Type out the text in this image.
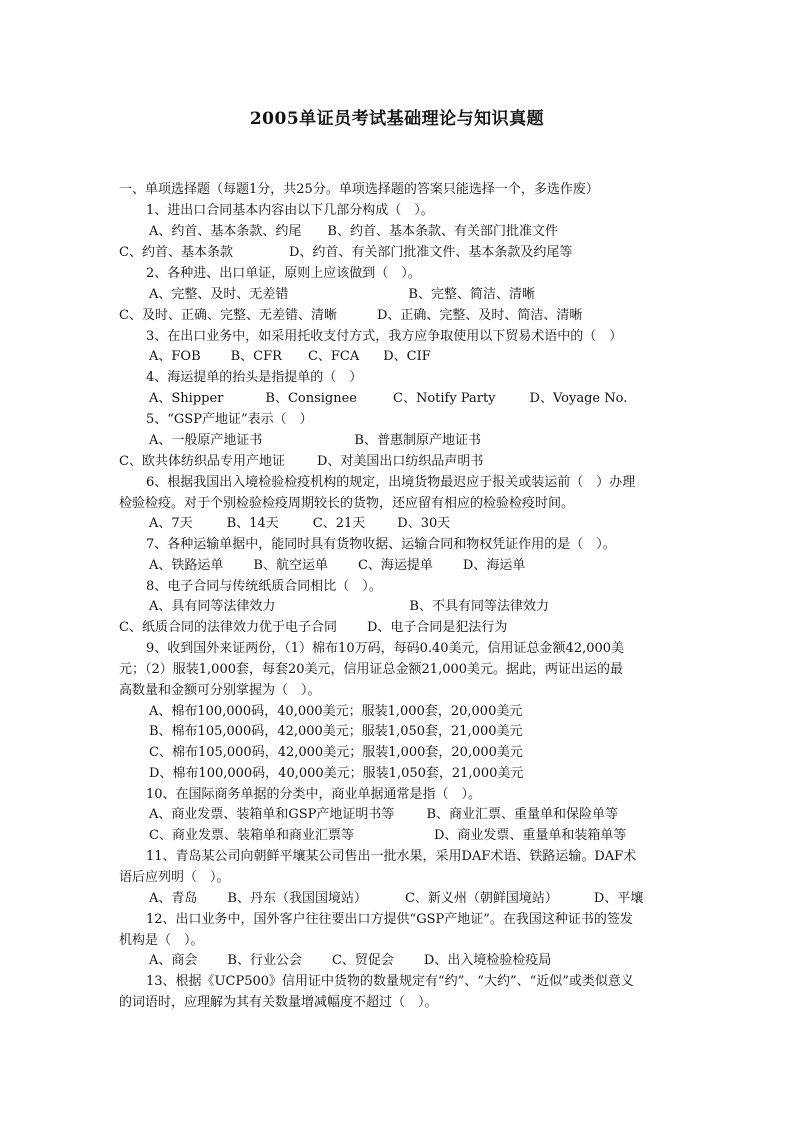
2005单证员考试基础理论与知识真题
一、单项选择题（每题1分，共25分。单项选择题的答案只能选择一个，多选作废）
1、进出口合同基本内容由以下几部分构成（　）。
A、约首、基本条款、约尾 B、约首、基本条款、有关部门批准文件
C、约首、基本条款	D、约首、有关部门批准文件、基本条款及约尾等
2、各种进、出口单证，原则上应该做到（　）。
A、完整、及时、无差错	B、完整、简洁、清晰
C、及时、正确、完整、无差错、清晰	D、正确、完整、及时、简洁、清晰
3、在出口业务中，如采用托收支付方式，我方应争取使用以下贸易术语中的（　）
A、FOB B、CFR C、FCA D、CIF
4、海运提单的抬头是指提单的（　）
A、Shipper	B、Consignee	C、Notify Party	D、Voyage No.
5、“GSP产地证”表示（　）
A、一般原产地证书	B、普惠制原产地证书
C、欧共体纺织品专用产地证 D、对美国出口纺织品声明书
6、根据我国出入境检验检疫机构的规定，出境货物最迟应于报关或装运前（　）办理
检验检疫。对于个别检验检疫周期较长的货物，还应留有相应的检验检疫时间。
A、7天	B、14天	C、21天 D、30天
7、各种运输单据中，能同时具有货物收据、运输合同和物权凭证作用的是（　）。
A、铁路运单 B、航空运单 C、海运提单 D、海运单
8、电子合同与传统纸质合同相比（　）。
A、具有同等法律效力	B、不具有同等法律效力
C、纸质合同的法律效力优于电子合同 D、电子合同是犯法行为
9、收到国外来证两份，（1）棉布10万码，每码0.40美元，信用证总金额42,000美
元；（2）服装1,000套，每套20美元，信用证总金额21,000美元。据此，两证出运的最
高数量和金额可分别掌握为（　）。
A、棉布100,000码，40,000美元；服装1,000套，20,000美元
B、棉布105,000码，42,000美元；服装1,050套，21,000美元
C、棉布105,000码，42,000美元；服装1,000套，20,000美元
D、棉布100,000码，40,000美元；服装1,050套，21,000美元
10、在国际商务单据的分类中，商业单据通常是指（　）。
A、商业发票、装箱单和GSP产地证明书等 B、商业汇票、重量单和保险单等
C、商业发票、装箱单和商业汇票等	D、商业发票、重量单和装箱单等
11、青岛某公司向朝鲜平壤某公司售出一批水果，采用DAF术语、铁路运输。DAF术
语后应列明（　）。
A、青岛 B、丹东（我国国境站）	C、新义州（朝鲜国境站）	D、平壤
12、出口业务中，国外客户往往要出口方提供“GSP产地证”。在我国这种证书的签发
机构是（　）。
A、商会 B、行业公会 C、贸促会 D、出入境检验检疫局
13、根据《UCP500》信用证中货物的数量规定有“约”、“大约”、“近似”或类似意义
的词语时，应理解为其有关数量增减幅度不超过（　）。
